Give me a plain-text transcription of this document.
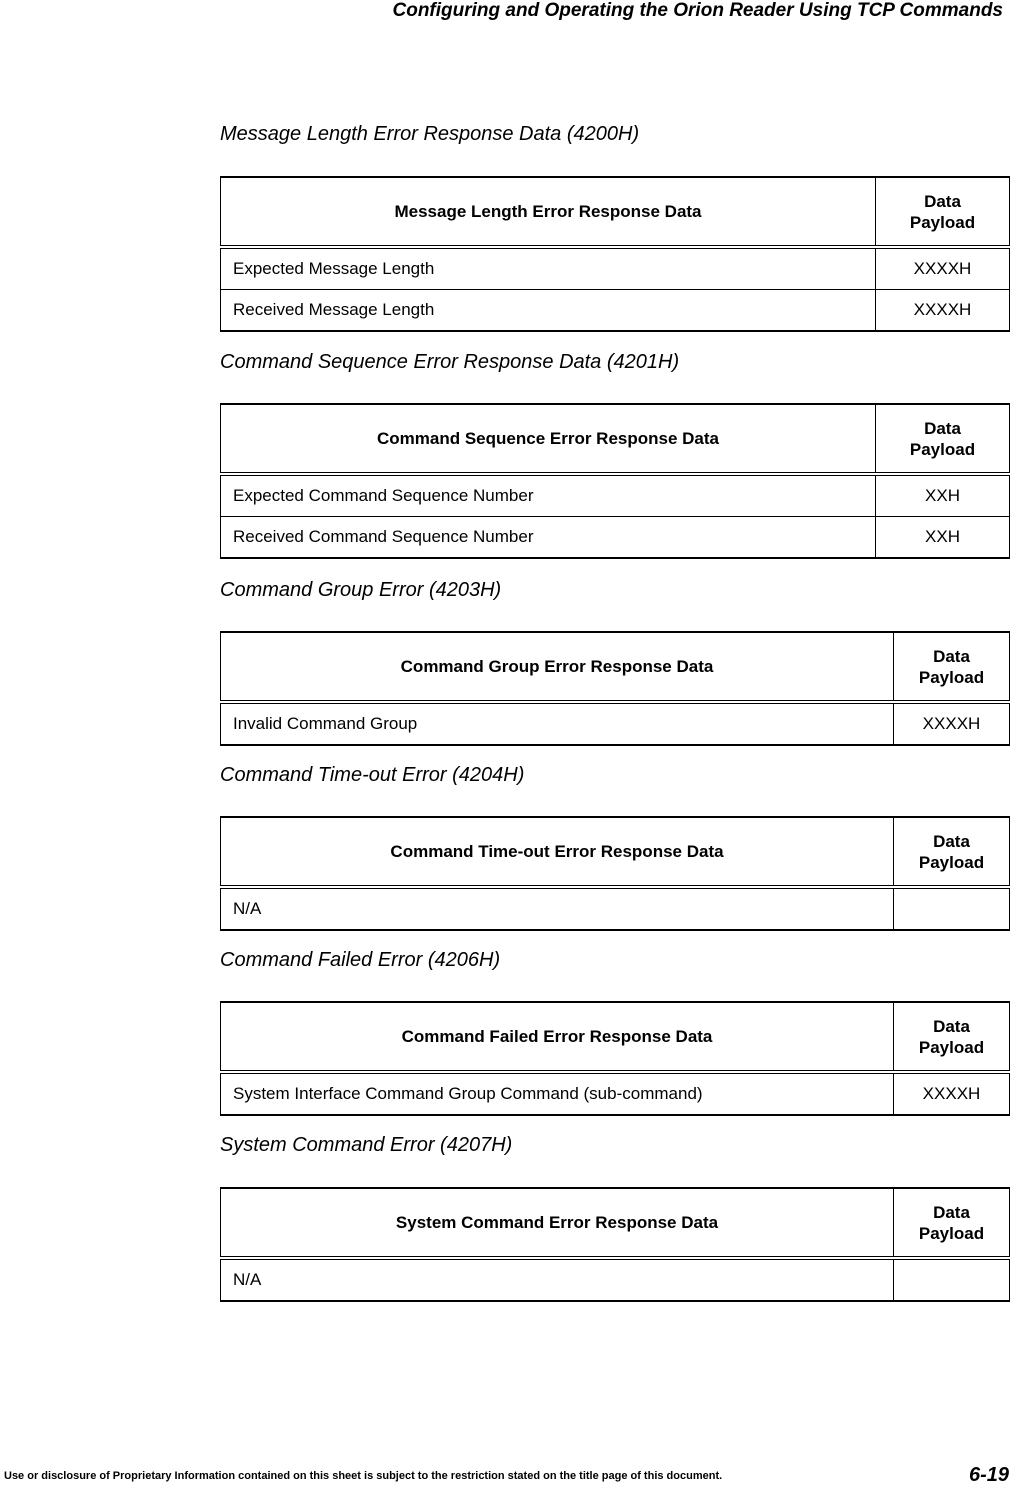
Configuring and Operating the Orion Reader Using TCP Commands
Message Length Error Response Data (4200H)
Message Length Error Response Data	Data
Payload
Expected Message Length	XXXXH
Received Message Length	XXXXH
Command Sequence Error Response Data (4201H)
Command Sequence Error Response Data	Data
Payload
Expected Command Sequence Number	XXH
Received Command Sequence Number	XXH
Command Group Error (4203H)
Command Group Error Response Data	Data
Payload
Invalid Command Group	XXXXH
Command Time-out Error (4204H)
Command Time-out Error Response Data	Data
Payload
N/A	
Command Failed Error (4206H)
Command Failed Error Response Data	Data
Payload
System Interface Command Group Command (sub-command)	XXXXH
System Command Error (4207H)
System Command Error Response Data	Data
Payload
N/A	
Use or disclosure of Proprietary Information contained on this sheet is subject to the restriction stated on the title page of this document.	6-19
